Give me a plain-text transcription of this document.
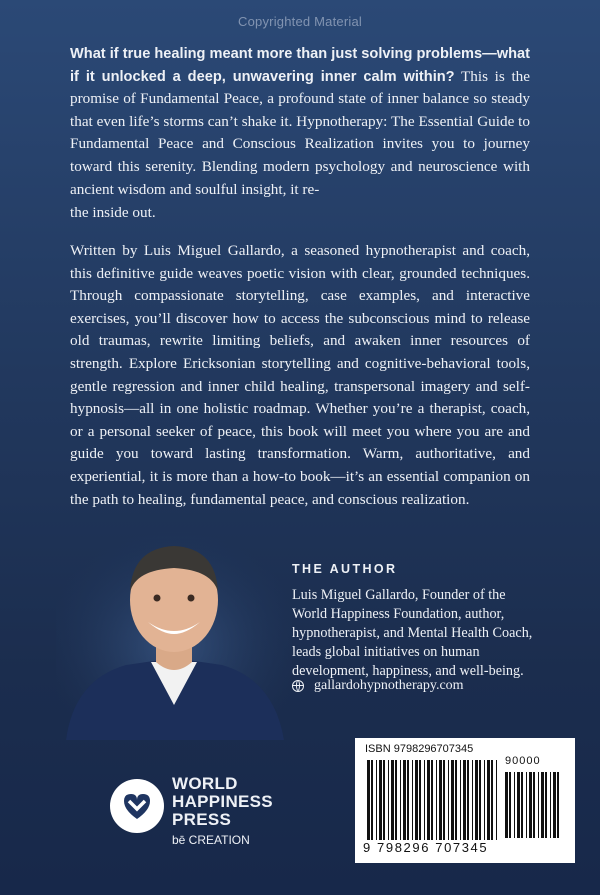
Copyrighted Material
What if true healing meant more than just solving problems—what if it unlocked a deep, unwavering inner calm within? This is the promise of Fundamental Peace, a profound state of inner balance so steady that even life’s storms can’t shake it. Hypnotherapy: The Essential Guide to Fundamental Peace and Conscious Realization invites you to journey toward this serenity. Blending modern psychology and neuroscience with ancient wisdom and soulful insight, it re-
the inside out.
Written by Luis Miguel Gallardo, a seasoned hypnotherapist and coach, this definitive guide weaves poetic vision with clear, grounded techniques. Through compassionate storytelling, case examples, and interactive exercises, you’ll discover how to access the subconscious mind to release old traumas, rewrite limiting beliefs, and awaken inner resources of strength. Explore Ericksonian storytelling and cognitive-behavioral tools, gentle regression and inner child healing, transpersonal imagery and self-hypnosis—all in one holistic roadmap. Whether you’re a therapist, coach, or a personal seeker of peace, this book will meet you where you are and guide you toward lasting transformation. Warm, authoritative, and experiential, it is more than a how-to book—it’s an essential companion on the path to healing, fundamental peace, and conscious realization.
THE AUTHOR
Luis Miguel Gallardo, Founder of the World Happiness Foundation, author, hypnotherapist, and Mental Health Coach, leads global initiatives on human development, happiness, and well-being.
gallardohypnotherapy.com
WORLD
HAPPINESS
PRESS
bē CREATION
ISBN 9798296707345
90000
9 798296 707345
